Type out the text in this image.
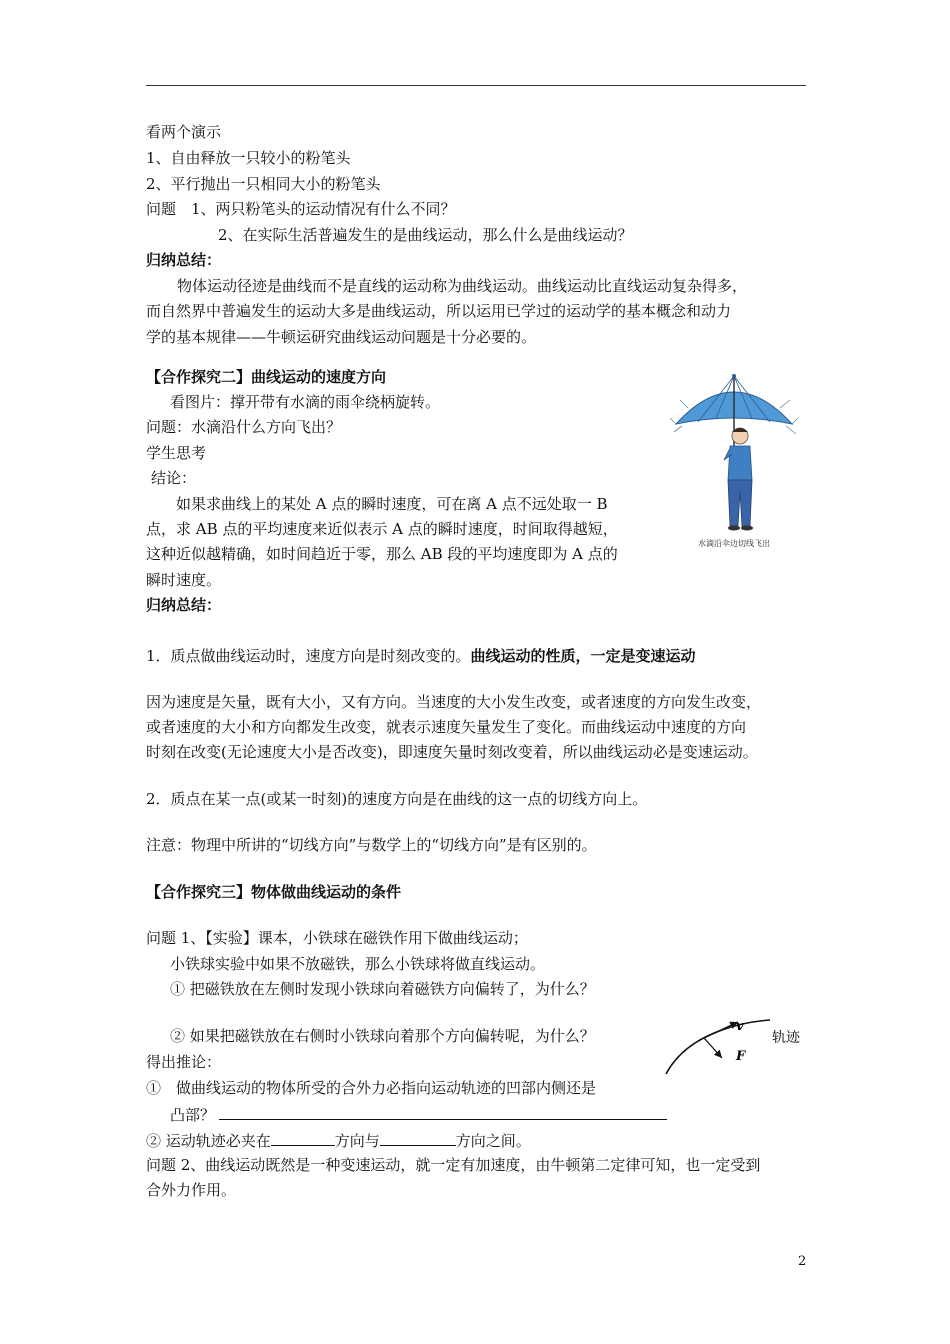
看两个演示
1、自由释放一只较小的粉笔头
2、平行抛出一只相同大小的粉笔头
问题　1、两只粉笔头的运动情况有什么不同？
2、在实际生活普遍发生的是曲线运动，那么什么是曲线运动？
归纳总结：
物体运动径迹是曲线而不是直线的运动称为曲线运动。曲线运动比直线运动复杂得多，
而自然界中普遍发生的运动大多是曲线运动，所以运用已学过的运动学的基本概念和动力
学的基本规律——牛顿运研究曲线运动问题是十分必要的。
【合作探究二】曲线运动的速度方向
看图片：撑开带有水滴的雨伞绕柄旋转。
问题：水滴沿什么方向飞出？
学生思考
结论：
如果求曲线上的某处 A 点的瞬时速度，可在离 A 点不远处取一 B
点，求 AB 点的平均速度来近似表示 A 点的瞬时速度，时间取得越短，
这种近似越精确，如时间趋近于零，那么 AB 段的平均速度即为 A 点的
瞬时速度。
归纳总结：
1．质点做曲线运动时，速度方向是时刻改变的。曲线运动的性质，一定是变速运动
因为速度是矢量，既有大小，又有方向。当速度的大小发生改变，或者速度的方向发生改变，
或者速度的大小和方向都发生改变，就表示速度矢量发生了变化。而曲线运动中速度的方向
时刻在改变(无论速度大小是否改变)，即速度矢量时刻改变着，所以曲线运动必是变速运动。
2．质点在某一点(或某一时刻)的速度方向是在曲线的这一点的切线方向上。
注意：物理中所讲的“切线方向”与数学上的“切线方向”是有区别的。
【合作探究三】物体做曲线运动的条件
问题 1、【实验】课本，小铁球在磁铁作用下做曲线运动；
小铁球实验中如果不放磁铁，那么小铁球将做直线运动。
① 把磁铁放在左侧时发现小铁球向着磁铁方向偏转了，为什么？
② 如果把磁铁放在右侧时小铁球向着那个方向偏转呢，为什么？
得出推论：
①　做曲线运动的物体所受的合外力必指向运动轨迹的凹部内侧还是
凸部？
② 运动轨迹必夹在	方向与	方向之间。
问题 2、曲线运动既然是一种变速运动，就一定有加速度，由牛顿第二定律可知，也一定受到
合外力作用。
水滴沿伞边切线飞出
v
F
轨迹
2
